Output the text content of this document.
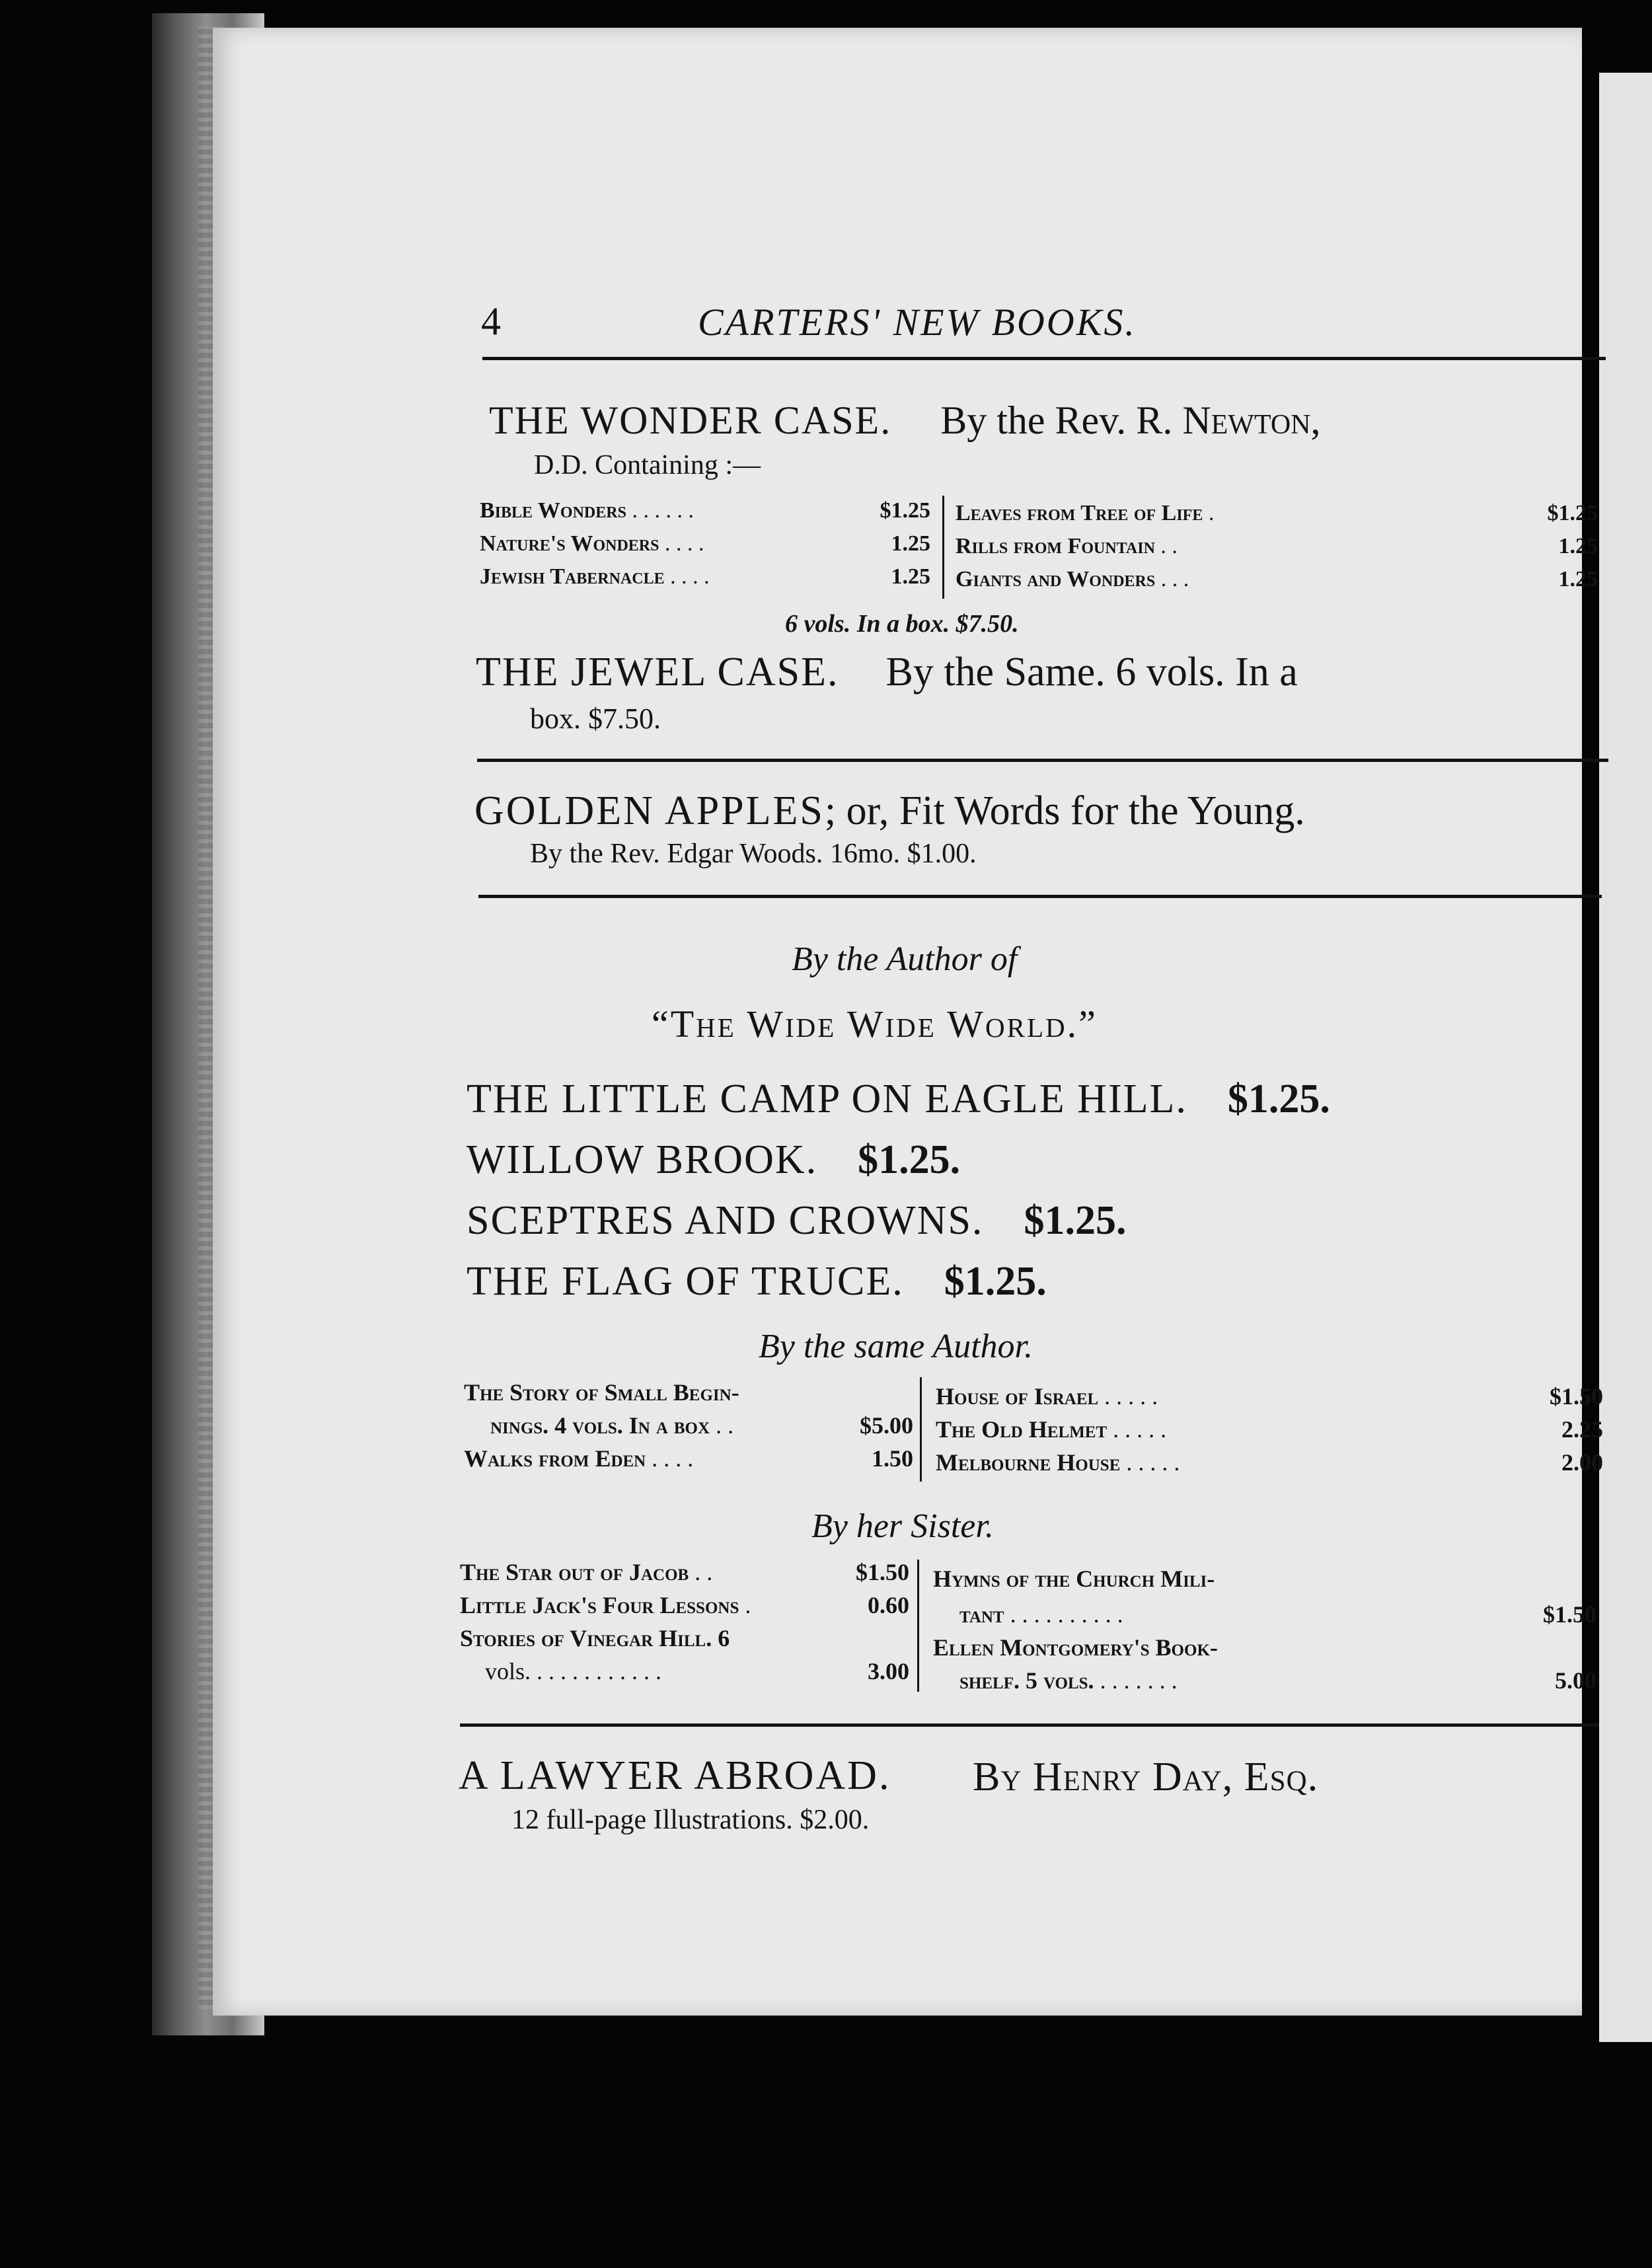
4	CARTERS' NEW BOOKS.
THE WONDER CASE. By the Rev. R. Newton,
D.D. Containing :—
Bible Wonders . . . . . .	$1.25
Nature's Wonders . . . .	1.25
Jewish Tabernacle . . . .	1.25
Leaves from Tree of Life .	$1.25
Rills from Fountain . .	1.25
Giants and Wonders . . .	1.25
6 vols. In a box. $7.50.
THE JEWEL CASE. By the Same. 6 vols. In a
box. $7.50.
GOLDEN APPLES; or, Fit Words for the Young.
By the Rev. Edgar Woods. 16mo. $1.00.
By the Author of
“The Wide Wide World.”
THE LITTLE CAMP ON EAGLE HILL. $1.25.
WILLOW BROOK. $1.25.
SCEPTRES AND CROWNS. $1.25.
THE FLAG OF TRUCE. $1.25.
By the same Author.
The Story of Small Begin-
nings. 4 vols. In a box . .	$5.00
Walks from Eden . . . .	1.50
House of Israel . . . . .	$1.50
The Old Helmet . . . . .	2.25
Melbourne House . . . . .	2.00
By her Sister.
The Star out of Jacob . .	$1.50
Little Jack's Four Lessons .	0.60
Stories of Vinegar Hill. 6
vols. . . . . . . . . . . .	3.00
Hymns of the Church Mili-
tant . . . . . . . . . .	$1.50
Ellen Montgomery's Book-
shelf. 5 vols. . . . . . . .	5.00
A LAWYER ABROAD. By Henry Day, Esq.
12 full-page Illustrations. $2.00.
